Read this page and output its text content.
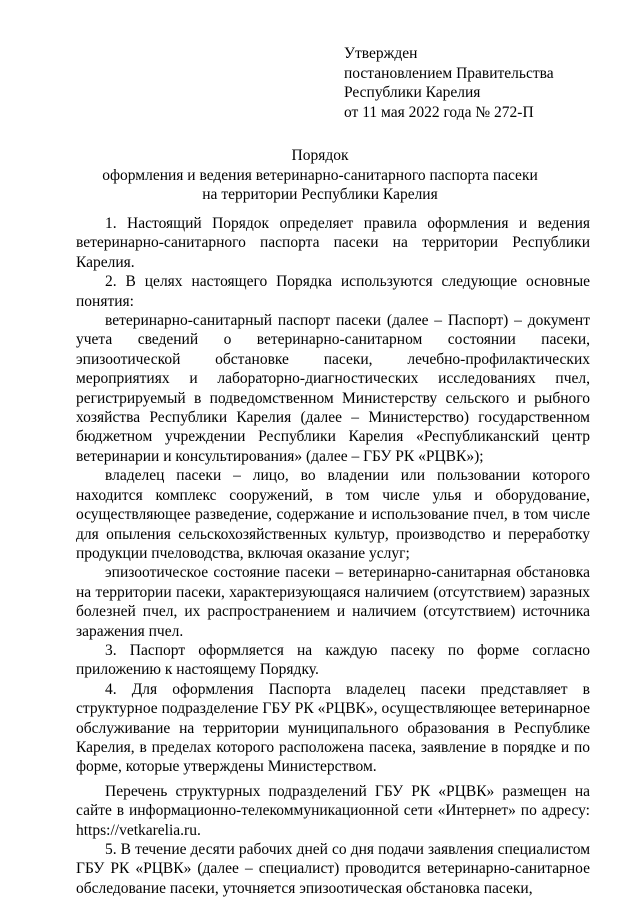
Утвержден
постановлением Правительства
Республики Карелия
от 11 мая 2022 года № 272-П
Порядок
оформления и ведения ветеринарно-санитарного паспорта пасеки
на территории Республики Карелия

1. Настоящий Порядок определяет правила оформления и ведения ветеринарно-санитарного паспорта пасеки на территории Республики Карелия.

2. В целях настоящего Порядка используются следующие основные понятия:

ветеринарно-санитарный паспорт пасеки (далее – Паспорт) – документ учета сведений о ветеринарно-санитарном состоянии пасеки, эпизоотической обстановке пасеки, лечебно-профилактических мероприятиях и лабораторно-диагностических исследованиях пчел, регистрируемый в подведомственном Министерству сельского и рыбного хозяйства Республики Карелия (далее – Министерство) государственном бюджетном учреждении Республики Карелия «Республиканский центр ветеринарии и консультирования» (далее – ГБУ РК «РЦВК»);

владелец пасеки – лицо, во владении или пользовании которого находится комплекс сооружений, в том числе улья и оборудование, осуществляющее разведение, содержание и использование пчел, в том числе для опыления сельскохозяйственных культур, производство и переработку продукции пчеловодства, включая оказание услуг;

эпизоотическое состояние пасеки – ветеринарно-санитарная обстановка на территории пасеки, характеризующаяся наличием (отсутствием) заразных болезней пчел, их распространением и наличием (отсутствием) источника заражения пчел.

3. Паспорт оформляется на каждую пасеку по форме согласно приложению к настоящему Порядку.

4. Для оформления Паспорта владелец пасеки представляет в структурное подразделение ГБУ РК «РЦВК», осуществляющее ветеринарное обслуживание на территории муниципального образования в Республике Карелия, в пределах которого расположена пасека, заявление в порядке и по форме, которые утверждены Министерством.

Перечень структурных подразделений ГБУ РК «РЦВК» размещен на сайте в информационно-телекоммуникационной сети «Интернет» по адресу: https://vetkarelia.ru.

5. В течение десяти рабочих дней со дня подачи заявления специалистом ГБУ РК «РЦВК» (далее – специалист) проводится ветеринарно-санитарное обследование пасеки, уточняется эпизоотическая обстановка пасеки,
